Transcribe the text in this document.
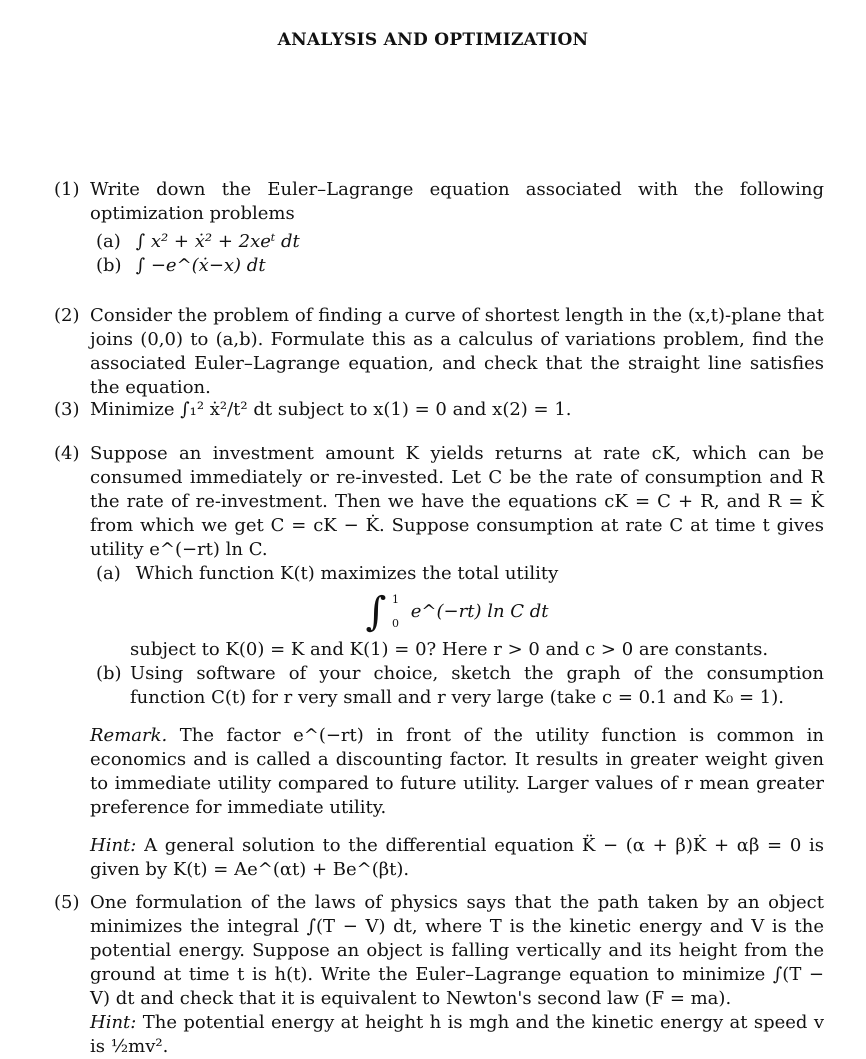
ANALYSIS AND OPTIMIZATION
(1) Write down the Euler–Lagrange equation associated with the following optimization problems
(a) ∫ x² + ẋ² + 2xeᵗ dt
(b) ∫ −e^(ẋ−x) dt
(2) Consider the problem of finding a curve of shortest length in the (x,t)-plane that joins (0,0) to (a,b). Formulate this as a calculus of variations problem, find the associated Euler–Lagrange equation, and check that the straight line satisfies the equation.
(3) Minimize ∫₁² ẋ²/t² dt subject to x(1) = 0 and x(2) = 1.
(4) Suppose an investment amount K yields returns at rate cK, which can be consumed immediately or re-invested. Let C be the rate of consumption and R the rate of re-investment. Then we have the equations cK = C + R, and R = K̇ from which we get C = cK − K̇. Suppose consumption at rate C at time t gives utility e^(−rt) ln C.
(a) Which function K(t) maximizes the total utility
∫ 1

0 e^(−rt) ln C dt
subject to K(0) = K and K(1) = 0? Here r > 0 and c > 0 are constants.
(b) Using software of your choice, sketch the graph of the consumption function C(t) for r very small and r very large (take c = 0.1 and K₀ = 1).
Remark. The factor e^(−rt) in front of the utility function is common in economics and is called a discounting factor. It results in greater weight given to immediate utility compared to future utility. Larger values of r mean greater preference for immediate utility.
Hint: A general solution to the differential equation K̈ − (α + β)K̇ + αβ = 0 is given by K(t) = Ae^(αt) + Be^(βt).
(5) One formulation of the laws of physics says that the path taken by an object minimizes the integral ∫(T − V) dt, where T is the kinetic energy and V is the potential energy. Suppose an object is falling vertically and its height from the ground at time t is h(t). Write the Euler–Lagrange equation to minimize ∫(T − V) dt and check that it is equivalent to Newton's second law (F = ma).
Hint: The potential energy at height h is mgh and the kinetic energy at speed v is ½mv².
